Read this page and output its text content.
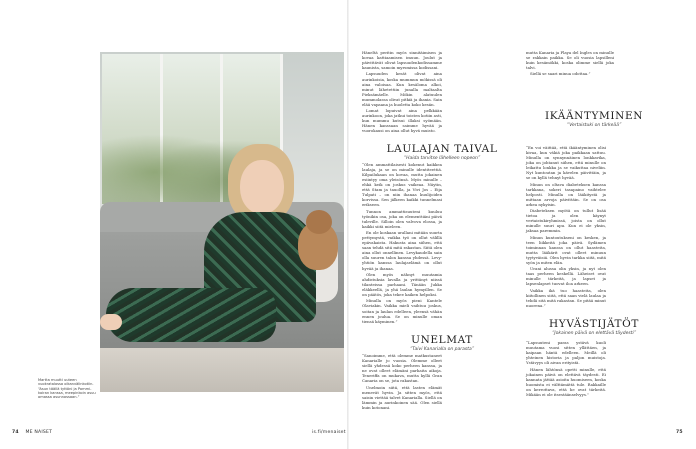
Martta muutti uuteen vuokratalossa olkanvälinkotiin. “Asun täällä tyttöni ja Pommi-koiran kanssa, meepinkoin asuu omassa asunnossaan.”

74 ME NAISET

Häneltä peritin myös sinnitäimisen ja kovaa kattiaamisen imuun. Joulut ja päivittävät olivat lapsuudenkodissamme kaunista, samoin myrsmissa kodissani.

Lapsuuden kesät olivat aina aurinkoisia, koska mummun mökissä oli aina valoisaa. Kun kesäloma alkoi, minut lähetettiin junalla maltaalta Pieksämäelle. Mökin alatuulen mummolassa olivat pitkiä ja ihania. Sain elää vapaana ja huoletta koko kesän.

Lomat lopuivat aina pelkkään aurinkoon, joka jatkui toisten kotiin asti, kun mummu kutsui illaksi syömään. Hänen kanssaan saimme hyvää ja vuorokausi on aina ollut hyvä muisto.

LAULAJAN TAIVAL

“Haida tarvitse lähelleen nopeon”

“Olen ammattilaisesti kokenut kaikkea laulaja, ja se on minulle identiteettiä. Kilpailukaan on kovaa, mutta jokainen esiintyy oma yleisönsä. Myös minulle – ehkä keik on joskus vaikeaa. Näytin, että Stam ja tauolla, ja Vivi Jos – Eija Tulpati – on niin ihanaa kuulijoiden korvissa. Sen jälkeen kaikki tunnelmasi erikseen.

Tunnon ammattisuuteni kuuluu työnikin osa, joka on elementtiäni päivä tuleville. Silloin olen valvova elossa, ja kaikki siitä mieleen.

En ole koskaan urallani mitään suurta pettymystä, vaikka työ on ollut välillä epävakaista. Hakusta aina siihen, että saan tehdä sitä mitä rakastan. Siitä olen aina ollut onnellinen. Levykaudella sain olla suuren talon kanssa yhdessä. Levy-yhtiön kanssa laulajaelämä on ollut hyvää ja ihanaa.

Olen myös nähnyt muutamia ahdistuksia lavalla ja yrittänyt niissä tilanteissa parhaani. Tänään Jukka eläkkeellä, ja yhä laulan hymyillen. Se on päätös, joka tekee kaiken helpoksi.

Minulla on myös pieni Kantele Olaviakin. Vaikka mieli vaihtuu joskus, soitan ja laulan edelleen, yleensä vähän ennen joulua. Se on minulle oman tiensä käyminen.”

UNELMAT

“Taivi Kanarialla on parasta”

“Sanoimme, että olemme matkustaneet Kanarialle jo vuosia. Olemme olleet siellä yhdessä koko perheen kanssa, ja ne ovat olleet elämäni parhaita aikoja. Teneriffa on mukava, mutta kyllä Gran Canaria on se, jota rakastan.

Unelmoin siitä, että lasten elämät menevät hyvin. Ja sitten myös, että saisin viettää talvet Kanarialla. Siellä on lämmin ja aurinkoinen sää. Olen siellä kuin kotonani.

mutta Kanaria ja Playa del Ingles on minulle se rakkain paikka. Se oli vuosia lapsilleni kuin kesämökki, koska olimme siellä joka talvi.

Siellä se saari minua odottaa.”

IKÄÄNTYMINEN

“Vertaistuki on tärkeää”

“En voi väittää, että ikääntyminen olisi kivaa, kun väkiä joka paikkaan sattuu. Minulla on synnynnäinen lonkkavika, joka on johtanut siihen, että minulle on leikattu lonkka ja se vaikuttaa niveliin. Nyt kuntoutan ja kävelen päivittäin, ja se on kyllä tehnyt hyvää.

Minun on oltava diabeteksen kanssa tarkkana, sokeri tasapaino vaihtelee helposti. Minulla on lääkitystä ja mittaan arvoja päivittäin. Se on osa arkea nykyisin.

Diabeteksen myötä on tullut lisää tietoa ja olen käynyt vertaistukiryhmissä, joista on ollut minulle suuri apu. Kun ei ole yksin, jaksaa paremmin.

Minun kuntoutukseni on kesken, ja teen liikkeitä joka päivä. Sydämen toiminnan kanssa on ollut haasteita, mutta lääkärit ovat olleet minuun tyytyväisiä. Olen hyvin tarkka siitä, mitä syön ja miten elän.

Urani alussa olin yksin, ja nyt olen taas perheen keskellä. Läheiset ovat minulle tärkeitä, ja lapset ja lapsenlapset tuovat iloa arkeen.

Vaikka ikä tuo haasteita, olen kiitollinen siitä, että saan vielä laulaa ja tehdä sitä mitä rakastan. Se pitää minut nuorena.”

HYVÄSTIJÄTÖT

“Jokainen päivä on elettävä täydesti”

“Lapsuuteni paras ystävä kuoli muutama vuosi sitten yllättäen, ja kaipaan häntä edelleen. Meillä oli yhteinen historia ja paljon muistoja. Ystävyys oli aivan erityistä.

Hänen lähtönsä opetti minulle, että jokainen päivä on elettävä täydesti. Ei kannata jättää asioita huomiseen, koska huomista ei välttämättä tule. Rakkaille on kerrottava, että he ovat tärkeitä. Mikään ei ole itsestäänselvyys.”

is.fi/menaiset	75
